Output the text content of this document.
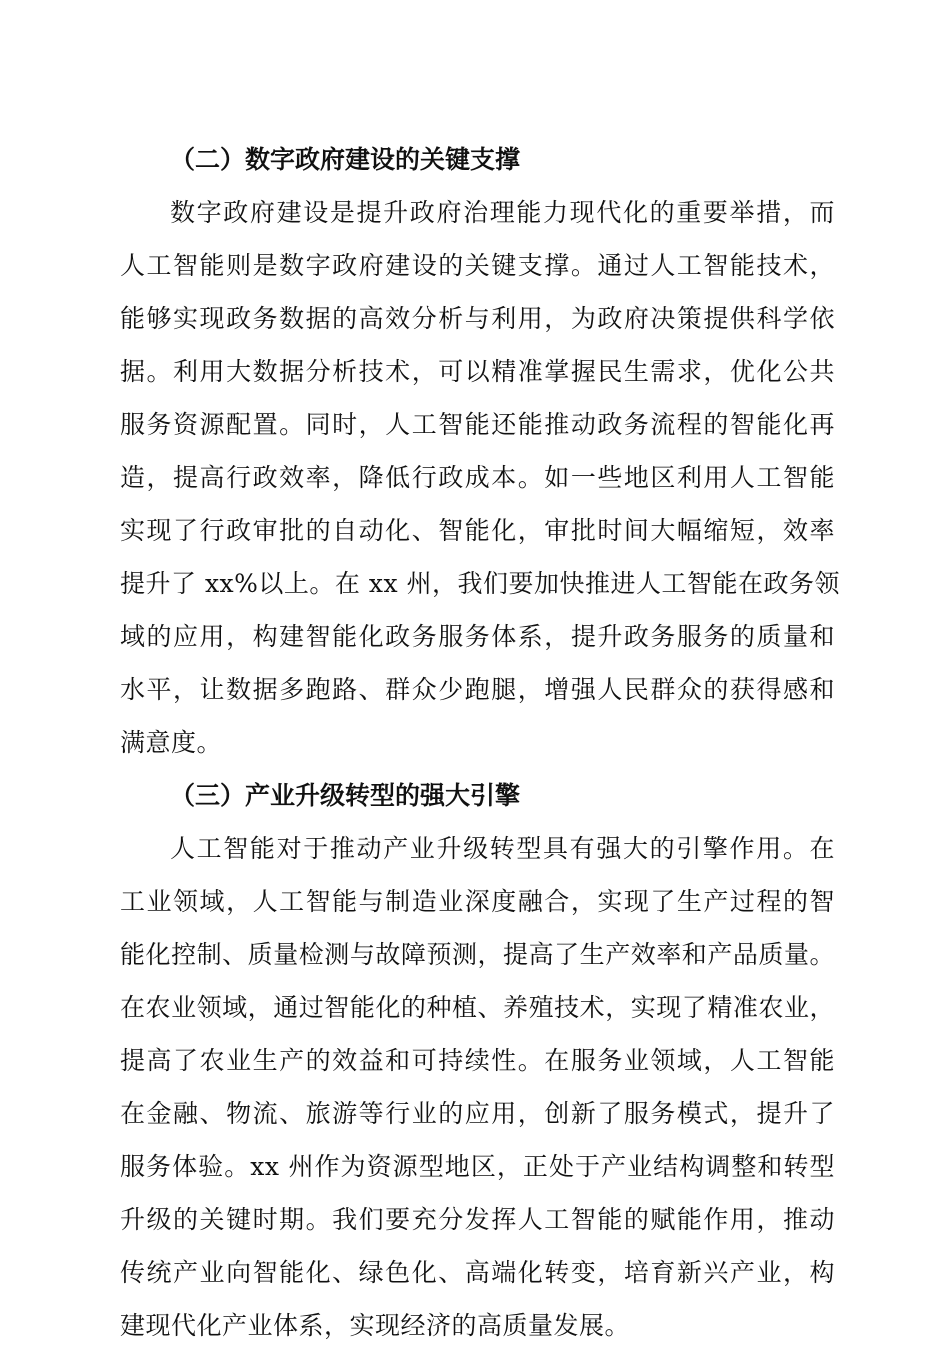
（二）数字政府建设的关键支撑

数字政府建设是提升政府治理能力现代化的重要举措，而

人工智能则是数字政府建设的关键支撑。通过人工智能技术，

能够实现政务数据的高效分析与利用，为政府决策提供科学依

据。利用大数据分析技术，可以精准掌握民生需求，优化公共

服务资源配置。同时，人工智能还能推动政务流程的智能化再

造，提高行政效率，降低行政成本。如一些地区利用人工智能

实现了行政审批的自动化、智能化，审批时间大幅缩短，效率

提升了 xx%以上。在 xx 州，我们要加快推进人工智能在政务领

域的应用，构建智能化政务服务体系，提升政务服务的质量和

水平，让数据多跑路、群众少跑腿，增强人民群众的获得感和

满意度。

（三）产业升级转型的强大引擎

人工智能对于推动产业升级转型具有强大的引擎作用。在

工业领域，人工智能与制造业深度融合，实现了生产过程的智

能化控制、质量检测与故障预测，提高了生产效率和产品质量。

在农业领域，通过智能化的种植、养殖技术，实现了精准农业，

提高了农业生产的效益和可持续性。在服务业领域，人工智能

在金融、物流、旅游等行业的应用，创新了服务模式，提升了

服务体验。xx 州作为资源型地区，正处于产业结构调整和转型

升级的关键时期。我们要充分发挥人工智能的赋能作用，推动

传统产业向智能化、绿色化、高端化转变，培育新兴产业，构

建现代化产业体系，实现经济的高质量发展。
